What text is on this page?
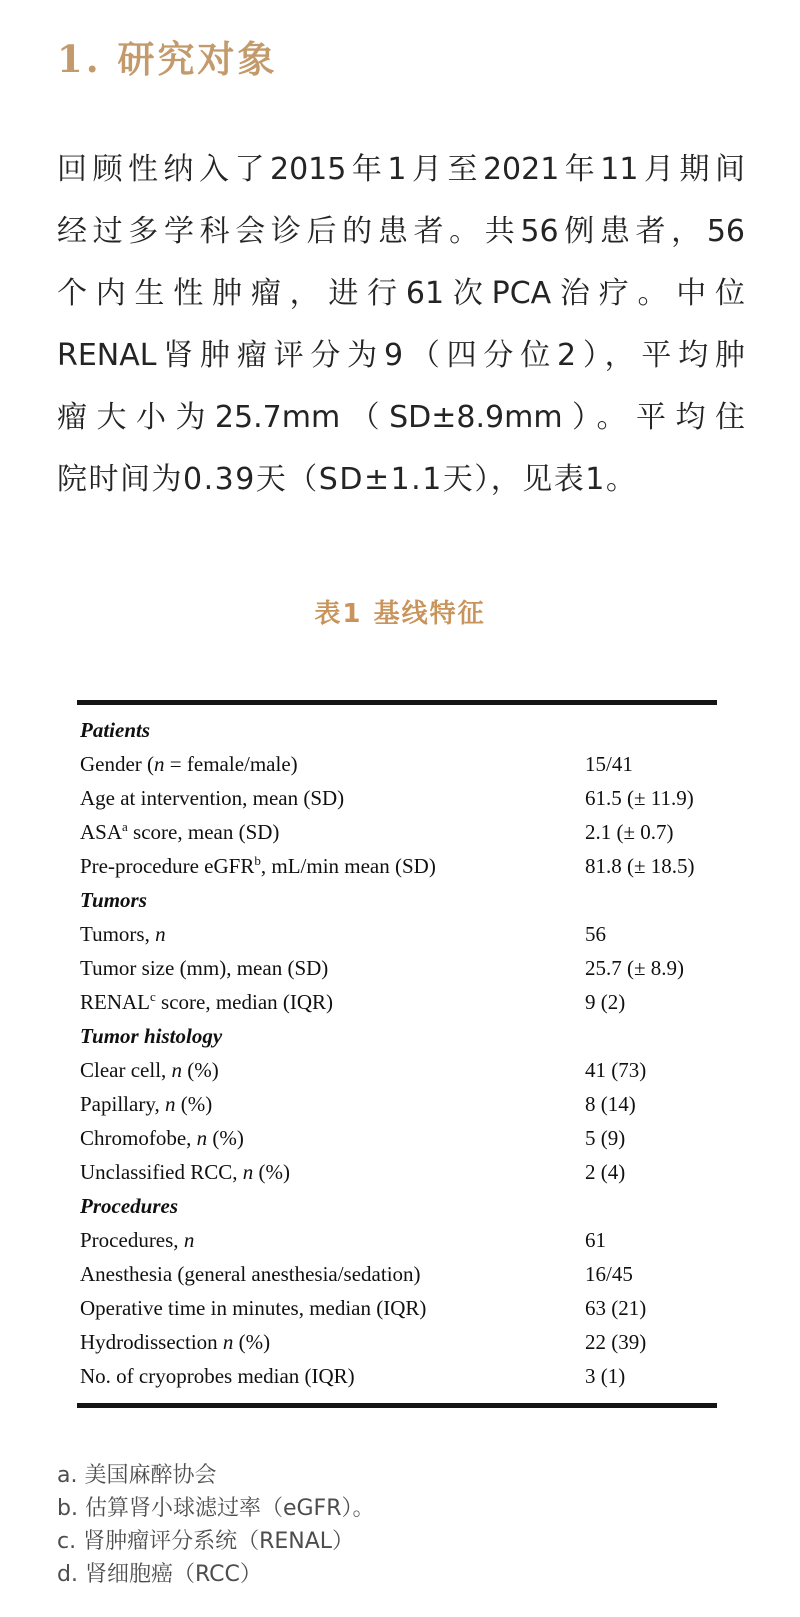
1. 研究对象
回顾性纳入了2015年1月至2021年11月期间
经过多学科会诊后的患者。共56例患者，56
个内生性肿瘤，进行61次PCA治疗。中位
RENAL肾肿瘤评分为9（四分位2），平均肿
瘤大小为25.7mm（SD±8.9mm）。平均住
院时间为0.39天（SD±1.1天），见表1。
表1 基线特征
Patients
Gender (n = female/male)	15/41
Age at intervention, mean (SD)	61.5 (± 11.9)
ASA$^a$ score, mean (SD)	2.1 (± 0.7)
Pre-procedure eGFR$^b$, mL/min mean (SD)	81.8 (± 18.5)
Tumors
Tumors, n	56
Tumor size (mm), mean (SD)	25.7 (± 8.9)
RENAL$^c$ score, median (IQR)	9 (2)
Tumor histology
Clear cell, n (%)	41 (73)
Papillary, n (%)	8 (14)
Chromofobe, n (%)	5 (9)
Unclassified RCC, n (%)	2 (4)
Procedures
Procedures, n	61
Anesthesia (general anesthesia/sedation)	16/45
Operative time in minutes, median (IQR)	63 (21)
Hydrodissection n (%)	22 (39)
No. of cryoprobes median (IQR)	3 (1)
a. 美国麻醉协会
b. 估算肾小球滤过率（eGFR）。
c. 肾肿瘤评分系统（RENAL）
d. 肾细胞癌（RCC）
